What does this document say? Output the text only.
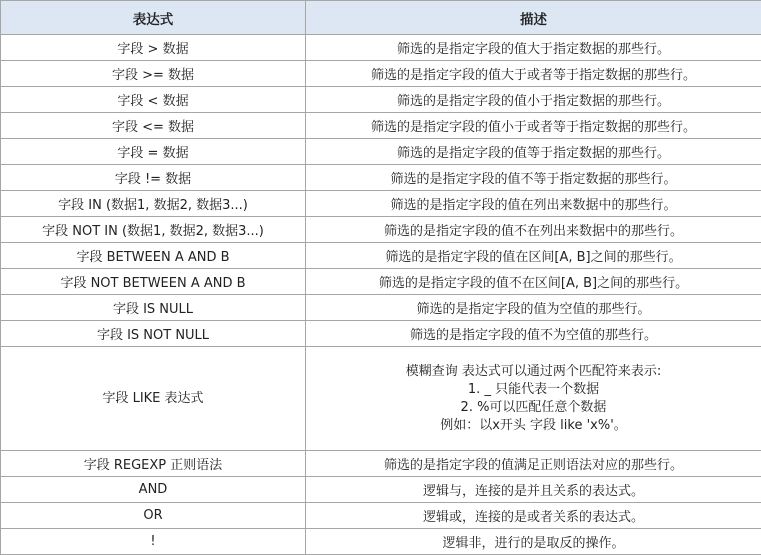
表达式	描述
字段 > 数据	筛选的是指定字段的值大于指定数据的那些行。
字段 >= 数据	筛选的是指定字段的值大于或者等于指定数据的那些行。
字段 < 数据	筛选的是指定字段的值小于指定数据的那些行。
字段 <= 数据	筛选的是指定字段的值小于或者等于指定数据的那些行。
字段 = 数据	筛选的是指定字段的值等于指定数据的那些行。
字段 != 数据	筛选的是指定字段的值不等于指定数据的那些行。
字段 IN (数据1, 数据2, 数据3...)	筛选的是指定字段的值在列出来数据中的那些行。
字段 NOT IN (数据1, 数据2, 数据3...)	筛选的是指定字段的值不在列出来数据中的那些行。
字段 BETWEEN A AND B	筛选的是指定字段的值在区间[A, B]之间的那些行。
字段 NOT BETWEEN A AND B	筛选的是指定字段的值不在区间[A, B]之间的那些行。
字段 IS NULL	筛选的是指定字段的值为空值的那些行。
字段 IS NOT NULL	筛选的是指定字段的值不为空值的那些行。
字段 LIKE 表达式	模糊查询 表达式可以通过两个匹配符来表示:
1. _ 只能代表一个数据
2. %可以匹配任意个数据
例如：以x开头 字段 like 'x%'。

字段 REGEXP 正则语法	筛选的是指定字段的值满足正则语法对应的那些行。
AND	逻辑与，连接的是并且关系的表达式。
OR	逻辑或，连接的是或者关系的表达式。
!	逻辑非，进行的是取反的操作。
